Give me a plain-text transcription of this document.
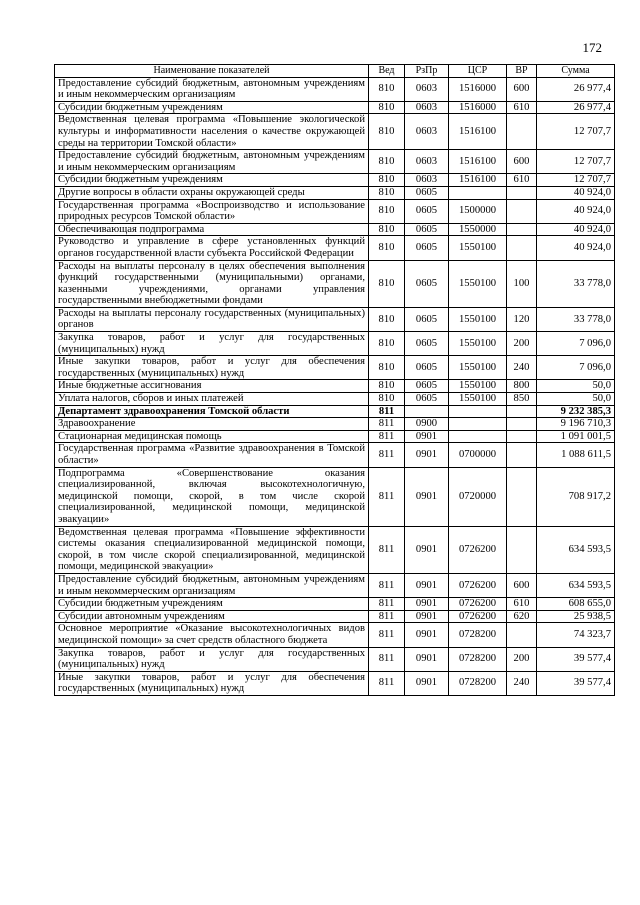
172
Наименование показателей	Вед	РзПр	ЦСР	ВР	Сумма
Предоставление субсидий бюджетным, автономным учреждениям и иным некоммерческим организациям	810	0603	1516000	600	26 977,4
Субсидии бюджетным учреждениям	810	0603	1516000	610	26 977,4
Ведомственная целевая программа «Повышение экологической культуры и информативности населения о качестве окружающей среды на территории Томской области»	810	0603	1516100		12 707,7
Предоставление субсидий бюджетным, автономным учреждениям и иным некоммерческим организациям	810	0603	1516100	600	12 707,7
Субсидии бюджетным учреждениям	810	0603	1516100	610	12 707,7
Другие вопросы в области охраны окружающей среды	810	0605			40 924,0
Государственная программа «Воспроизводство и использование природных ресурсов Томской области»	810	0605	1500000		40 924,0
Обеспечивающая подпрограмма	810	0605	1550000		40 924,0
Руководство и управление в сфере установленных функций органов государственной власти субъекта Российской Федерации	810	0605	1550100		40 924,0
Расходы на выплаты персоналу в целях обеспечения выполнения функций государственными (муниципальными) органами, казенными учреждениями, органами управления государственными внебюджетными фондами	810	0605	1550100	100	33 778,0
Расходы на выплаты персоналу государственных (муниципальных) органов	810	0605	1550100	120	33 778,0
Закупка товаров, работ и услуг для государственных (муниципальных) нужд	810	0605	1550100	200	7 096,0
Иные закупки товаров, работ и услуг для обеспечения государственных (муниципальных) нужд	810	0605	1550100	240	7 096,0
Иные бюджетные ассигнования	810	0605	1550100	800	50,0
Уплата налогов, сборов и иных платежей	810	0605	1550100	850	50,0
Департамент здравоохранения Томской области	811				9 232 385,3
Здравоохранение	811	0900			9 196 710,3
Стационарная медицинская помощь	811	0901			1 091 001,5
Государственная программа «Развитие здравоохранения в Томской области»	811	0901	0700000		1 088 611,5
Подпрограмма «Совершенствование оказания специализированной, включая высокотехнологичную, медицинской помощи, скорой, в том числе скорой специализированной, медицинской помощи, медицинской эвакуации»	811	0901	0720000		708 917,2
Ведомственная целевая программа «Повышение эффективности системы оказания специализированной медицинской помощи, скорой, в том числе скорой специализированной, медицинской помощи, медицинской эвакуации»	811	0901	0726200		634 593,5
Предоставление субсидий бюджетным, автономным учреждениям и иным некоммерческим организациям	811	0901	0726200	600	634 593,5
Субсидии бюджетным учреждениям	811	0901	0726200	610	608 655,0
Субсидии автономным учреждениям	811	0901	0726200	620	25 938,5
Основное мероприятие «Оказание высокотехнологичных видов медицинской помощи» за счет средств областного бюджета	811	0901	0728200		74 323,7
Закупка товаров, работ и услуг для государственных (муниципальных) нужд	811	0901	0728200	200	39 577,4
Иные закупки товаров, работ и услуг для обеспечения государственных (муниципальных) нужд	811	0901	0728200	240	39 577,4
